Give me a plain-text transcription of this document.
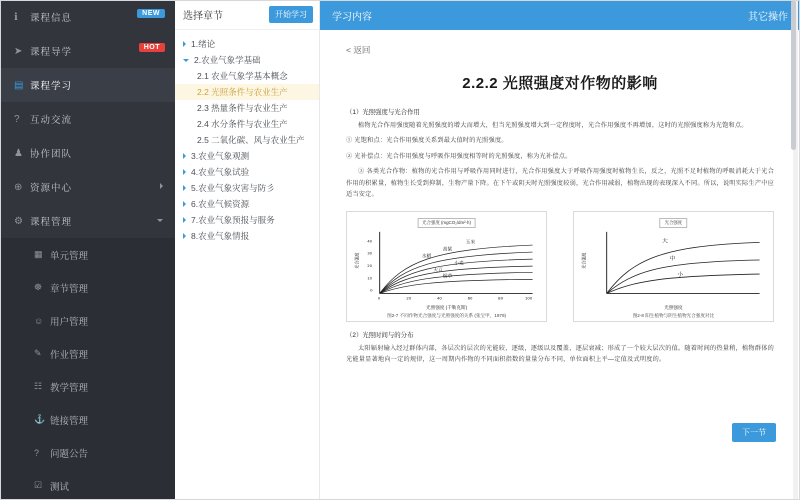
ℹ	课程信息	NEW
➤ 课程导学	HOT
▤ 课程学习
?	互动交流
♟ 协作团队
⊕ 资源中心
⚙ 课程管理
▦ 单元管理
☸ 章节管理
☺ 用户管理
✎ 作业管理
☷ 教学管理
⚓ 链接管理
?	问题公告
☑ 测试
选择章节	开始学习
1.绪论
2.农业气象学基础
2.1 农业气象学基本概念
2.2 光照条件与农业生产
2.3 热量条件与农业生产
2.4 水分条件与农业生产
2.5 二氧化碳、风与农业生产
3.农业气象观测
4.农业气象试验
5.农业气象灾害与防彡
6.农业气候资源
7.农业气象预报与服务
8.农业气象情报
学习内容	其它操作
< 返回
2.2.2 光照强度对作物的影响
（1）光照强度与光合作用
植物光合作用强度随着光照强度的增大而增大，但当光照强度增大到一定程度时，光合作用强度不再增加，这时的光照强度称为光饱和点。
① 光饱和点：光合作用强度关系到最大值时的光照强度。
② 光补偿点：光合作用强度与呼吸作用强度相等时的光照强度，称为光补偿点。
③ 各类光合作物：植物的光合作用与呼吸作用同时进行，光合作用强度大于呼吸作用强度时植物生长，反之，光照不足时植物的呼吸消耗大于光合作用的积累量，植物生长受到抑制，生物产量下降。在下午或阴天时光照强度较弱，光合作用减弱，植物出现的表现深入不同。所以，说明实际生产中应适当安定。
光合强度 (mgCO₂/dm²·h)
玉米
高粱
水稻
小麦
大豆
烟草
0	20	40	60	80	100
0
10
20
30
40
光合强度
光照强度 (千勒克斯)
图2-7 不同作物光合强度与光照强度的关系 (张宝甲，1979)
光合强度
大
中
小
光合强度
光照强度
图2-8 阳生植物与阴生植物光合强度对比
（2）光照时间与的分布
太阳辐射输入经过群体内部，各层次的层次的光能较，逐级，逐级以及覆盖，逐层衰减；形成了一个较大层次的值。随着时间的热量稍，植物群体的光能量显著地向一定的规律，这一周期内作物的不同面积指数的量量分布不同，单位面积上平—定值及式明度的。
下一节
